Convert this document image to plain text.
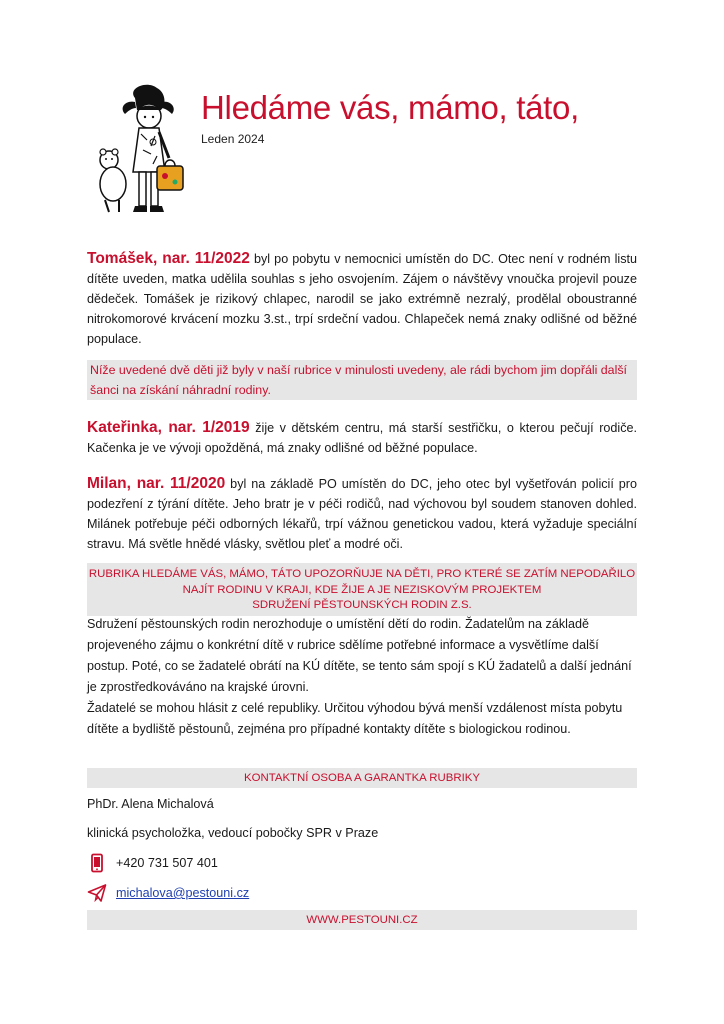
Hledáme vás, mámo, táto,
Leden 2024
Tomášek, nar. 11/2022 byl po pobytu v nemocnici umístěn do DC. Otec není v rodném listu dítěte uveden, matka udělila souhlas s jeho osvojením. Zájem o návštěvy vnoučka projevil pouze dědeček. Tomášek je rizikový chlapec, narodil se jako extrémně nezralý, prodělal oboustranné nitrokomorové krvácení mozku 3.st., trpí srdeční vadou. Chlapeček nemá znaky odlišné od běžné populace.
Níže uvedené dvě děti již byly v naší rubrice v minulosti uvedeny, ale rádi bychom jim dopřáli další šanci na získání náhradní rodiny.
Kateřinka, nar. 1/2019 žije v dětském centru, má starší sestřičku, o kterou pečují rodiče. Kačenka je ve vývoji opožděná, má znaky odlišné od běžné populace.
Milan, nar. 11/2020 byl na základě PO umístěn do DC, jeho otec byl vyšetřován policií pro podezření z týrání dítěte. Jeho bratr je v péči rodičů, nad výchovou byl soudem stanoven dohled. Milánek potřebuje péči odborných lékařů, trpí vážnou genetickou vadou, která vyžaduje speciální stravu. Má světle hnědé vlásky, světlou pleť a modré oči.
RUBRIKA HLEDÁME VÁS, MÁMO, TÁTO UPOZORŇUJE NA DĚTI, PRO KTERÉ SE ZATÍM NEPODAŘILO
NAJÍT RODINU V KRAJI, KDE ŽIJE A JE NEZISKOVÝM PROJEKTEM
SDRUŽENÍ PĚSTOUNSKÝCH RODIN Z.S.
Sdružení pěstounských rodin nerozhoduje o umístění dětí do rodin. Žadatelům na základě projeveného zájmu o konkrétní dítě v rubrice sdělíme potřebné informace a vysvětlíme další postup. Poté, co se žadatelé obrátí na KÚ dítěte, se tento sám spojí s KÚ žadatelů a další jednání je zprostředkováváno na krajské úrovni.
Žadatelé se mohou hlásit z celé republiky. Určitou výhodou bývá menší vzdálenost místa pobytu dítěte a bydliště pěstounů, zejména pro případné kontakty dítěte s biologickou rodinou.
KONTAKTNÍ OSOBA A GARANTKA RUBRIKY
PhDr. Alena Michalová
klinická psycholožka, vedoucí pobočky SPR v Praze
+420 731 507 401
michalova@pestouni.cz
WWW.PESTOUNI.CZ
